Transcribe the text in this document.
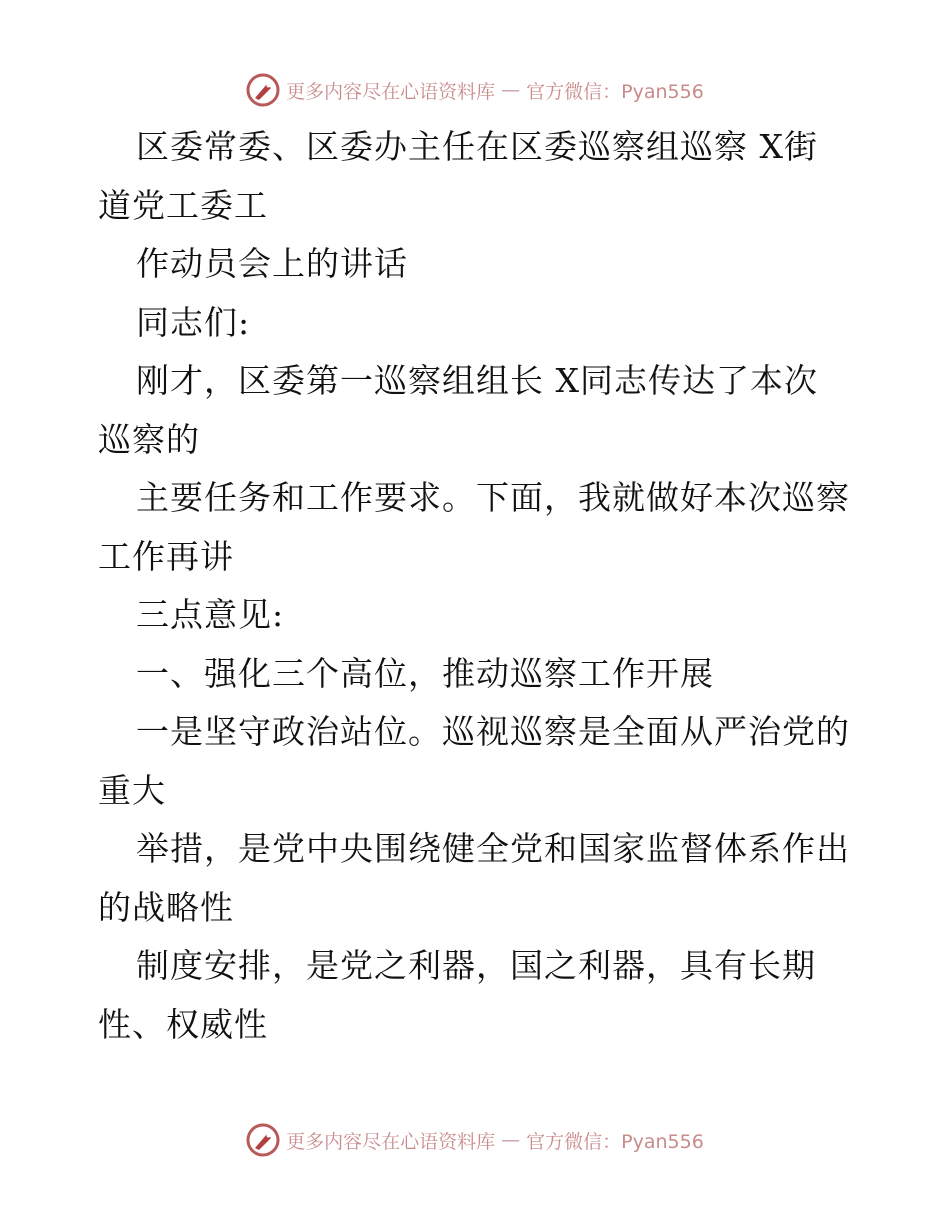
更多内容尽在心语资料库 — 官方微信：Pyan556
区委常委、区委办主任在区委巡察组巡察 X街
道党工委工
作动员会上的讲话
同志们:
刚才，区委第一巡察组组长 X同志传达了本次
巡察的
主要任务和工作要求。下面，我就做好本次巡察
工作再讲
三点意见:
一、强化三个高位，推动巡察工作开展
一是坚守政治站位。巡视巡察是全面从严治党的
重大
举措，是党中央围绕健全党和国家监督体系作出
的战略性
制度安排，是党之利器，国之利器，具有长期
性、权威性
更多内容尽在心语资料库 — 官方微信：Pyan556
